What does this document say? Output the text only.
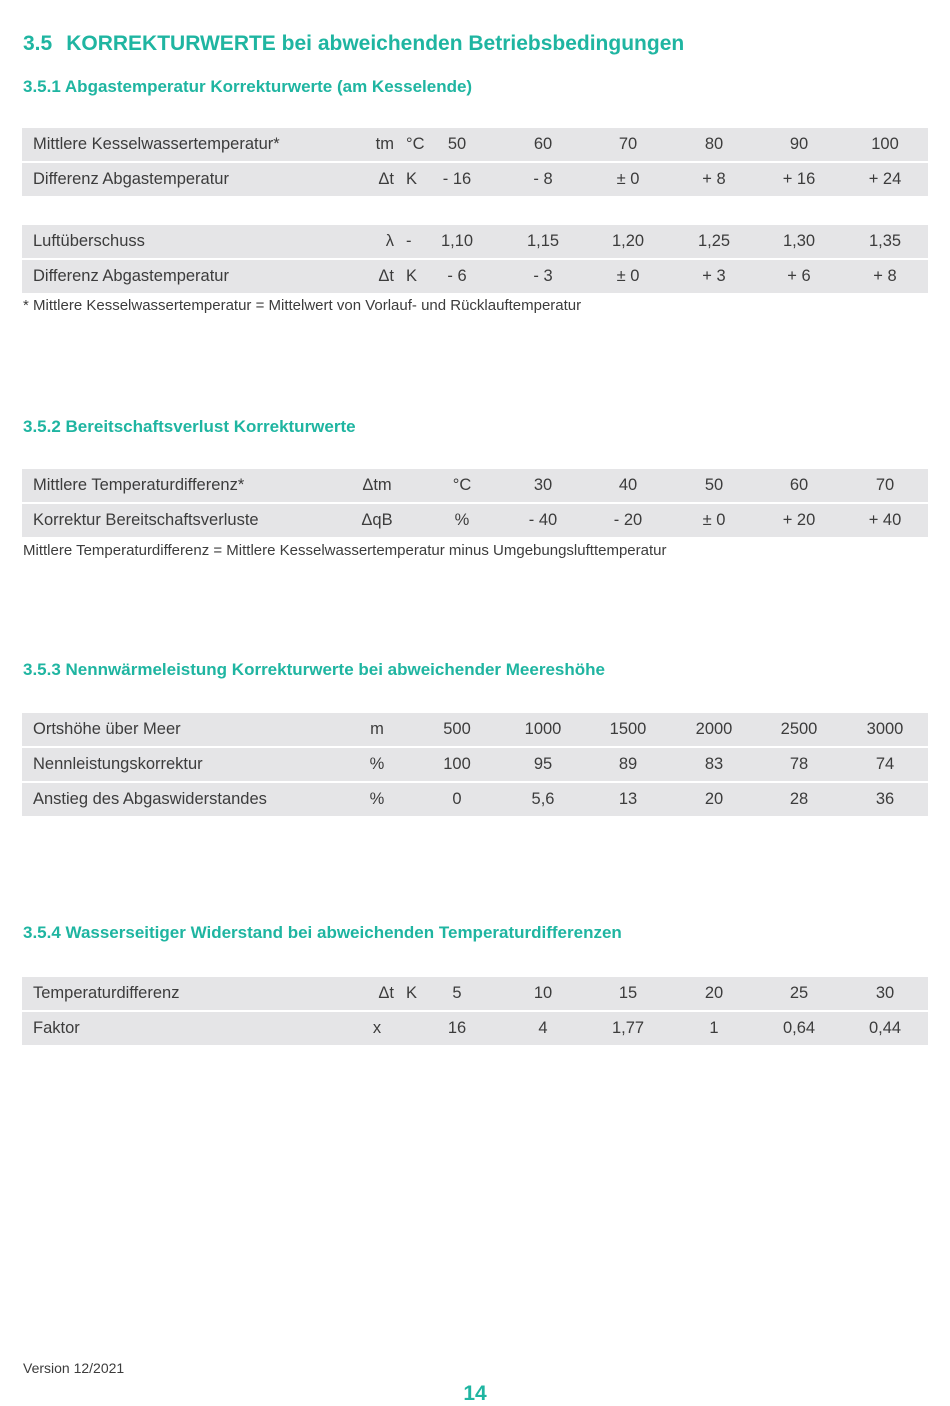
3.5 KORREKTURWERTE bei abweichenden Betriebsbedingungen
3.5.1 Abgastemperatur Korrekturwerte (am Kesselende)
Mittlere Kesselwassertemperatur*	tm °C	50	60	70	80	90	100
Differenz Abgastemperatur	Δt K	- 16	- 8	± 0	+ 8	+ 16	+ 24
Luftüberschuss	λ -	1,10	1,15	1,20	1,25	1,30	1,35
Differenz Abgastemperatur	Δt K	- 6	- 3	± 0	+ 3	+ 6	+ 8
* Mittlere Kesselwassertemperatur = Mittelwert von Vorlauf- und Rücklauftemperatur
3.5.2 Bereitschaftsverlust Korrekturwerte
Mittlere Temperaturdifferenz*	Δtm	°C	30	40	50	60	70
Korrektur Bereitschaftsverluste	ΔqB	%	- 40	- 20	± 0	+ 20	+ 40
Mittlere Temperaturdifferenz = Mittlere Kesselwassertemperatur minus Umgebungslufttemperatur
3.5.3 Nennwärmeleistung Korrekturwerte bei abweichender Meereshöhe
Ortshöhe über Meer	m	500	1000	1500	2000	2500	3000
Nennleistungskorrektur	%	100	95	89	83	78	74
Anstieg des Abgaswiderstandes	%	0	5,6	13	20	28	36
3.5.4 Wasserseitiger Widerstand bei abweichenden Temperaturdifferenzen
Temperaturdifferenz	Δt K	5	10	15	20	25	30
Faktor	x	16	4	1,77	1	0,64	0,44
Version 12/2021
14
